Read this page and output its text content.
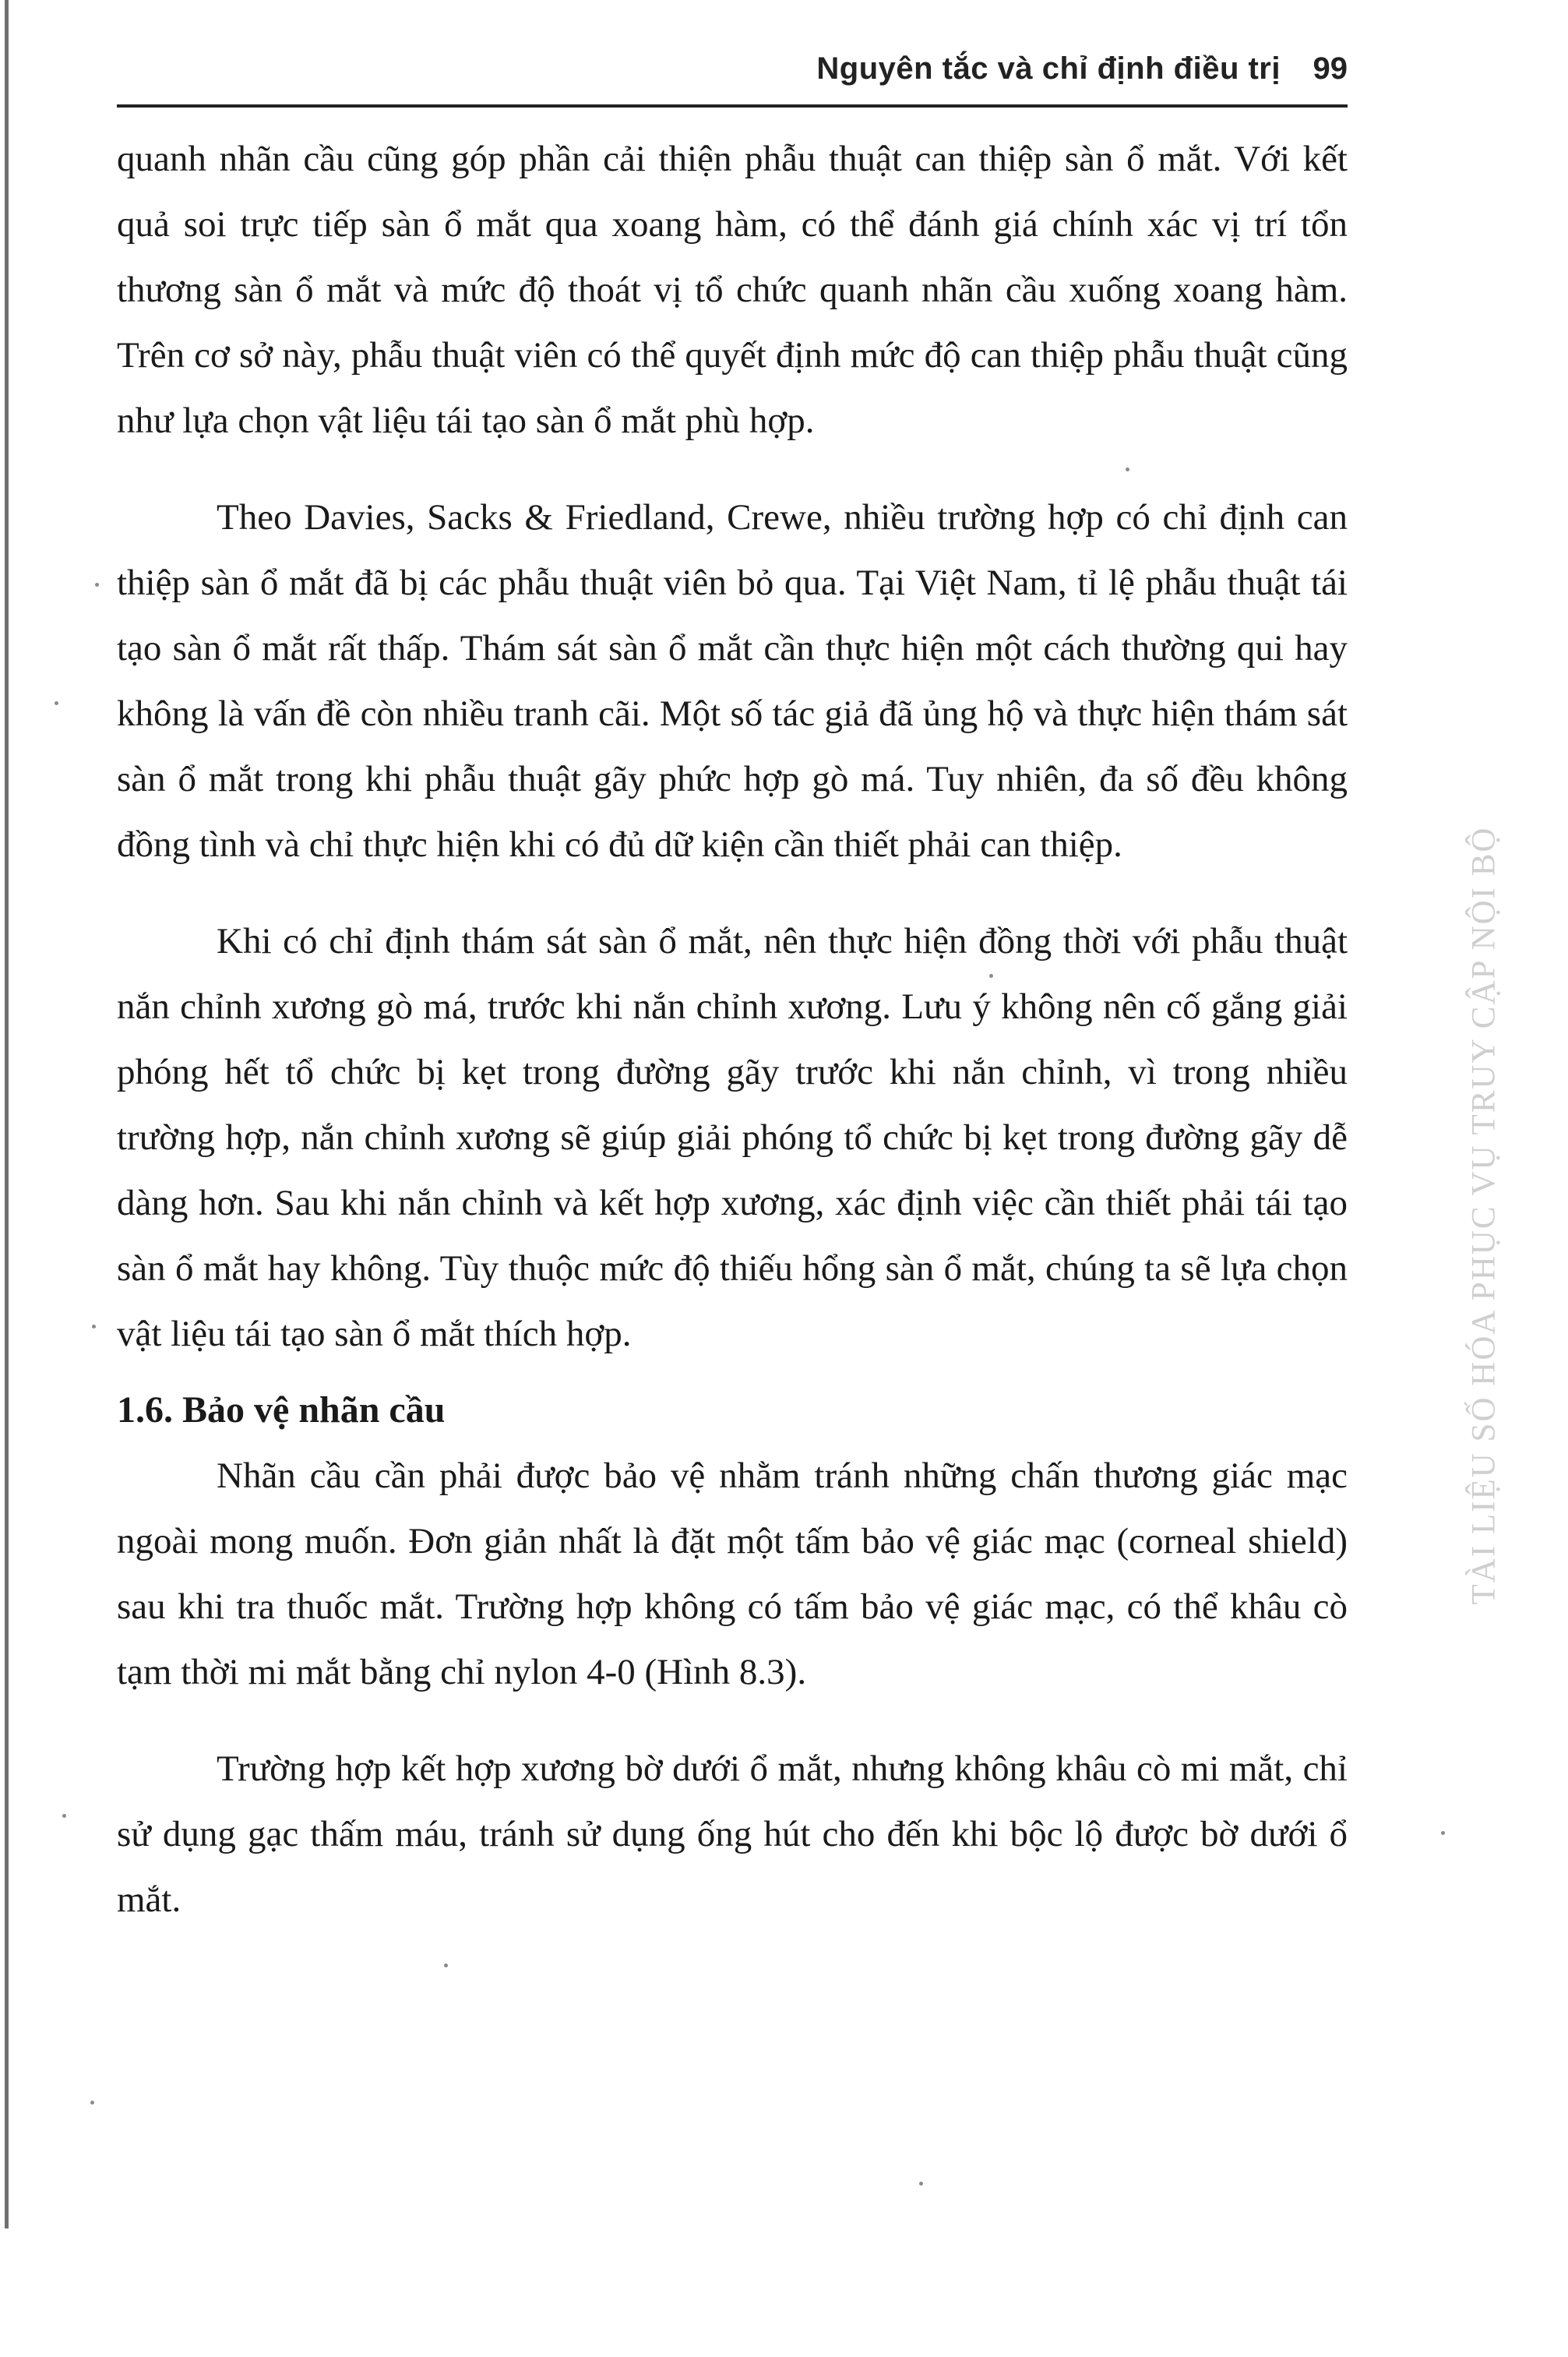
Nguyên tắc và chỉ định điều trị 99

quanh nhãn cầu cũng góp phần cải thiện phẫu thuật can thiệp sàn ổ mắt. Với kết quả soi trực tiếp sàn ổ mắt qua xoang hàm, có thể đánh giá chính xác vị trí tổn thương sàn ổ mắt và mức độ thoát vị tổ chức quanh nhãn cầu xuống xoang hàm. Trên cơ sở này, phẫu thuật viên có thể quyết định mức độ can thiệp phẫu thuật cũng như lựa chọn vật liệu tái tạo sàn ổ mắt phù hợp.

Theo Davies, Sacks & Friedland, Crewe, nhiều trường hợp có chỉ định can thiệp sàn ổ mắt đã bị các phẫu thuật viên bỏ qua. Tại Việt Nam, tỉ lệ phẫu thuật tái tạo sàn ổ mắt rất thấp. Thám sát sàn ổ mắt cần thực hiện một cách thường qui hay không là vấn đề còn nhiều tranh cãi. Một số tác giả đã ủng hộ và thực hiện thám sát sàn ổ mắt trong khi phẫu thuật gãy phức hợp gò má. Tuy nhiên, đa số đều không đồng tình và chỉ thực hiện khi có đủ dữ kiện cần thiết phải can thiệp.

Khi có chỉ định thám sát sàn ổ mắt, nên thực hiện đồng thời với phẫu thuật nắn chỉnh xương gò má, trước khi nắn chỉnh xương. Lưu ý không nên cố gắng giải phóng hết tổ chức bị kẹt trong đường gãy trước khi nắn chỉnh, vì trong nhiều trường hợp, nắn chỉnh xương sẽ giúp giải phóng tổ chức bị kẹt trong đường gãy dễ dàng hơn. Sau khi nắn chỉnh và kết hợp xương, xác định việc cần thiết phải tái tạo sàn ổ mắt hay không. Tùy thuộc mức độ thiếu hổng sàn ổ mắt, chúng ta sẽ lựa chọn vật liệu tái tạo sàn ổ mắt thích hợp.

1.6. Bảo vệ nhãn cầu

Nhãn cầu cần phải được bảo vệ nhằm tránh những chấn thương giác mạc ngoài mong muốn. Đơn giản nhất là đặt một tấm bảo vệ giác mạc (corneal shield) sau khi tra thuốc mắt. Trường hợp không có tấm bảo vệ giác mạc, có thể khâu cò tạm thời mi mắt bằng chỉ nylon 4-0 (Hình 8.3).

Trường hợp kết hợp xương bờ dưới ổ mắt, nhưng không khâu cò mi mắt, chỉ sử dụng gạc thấm máu, tránh sử dụng ống hút cho đến khi bộc lộ được bờ dưới ổ mắt.

TÀI LIỆU SỐ HÓA PHỤC VỤ TRUY CẬP NỘI BỘ
